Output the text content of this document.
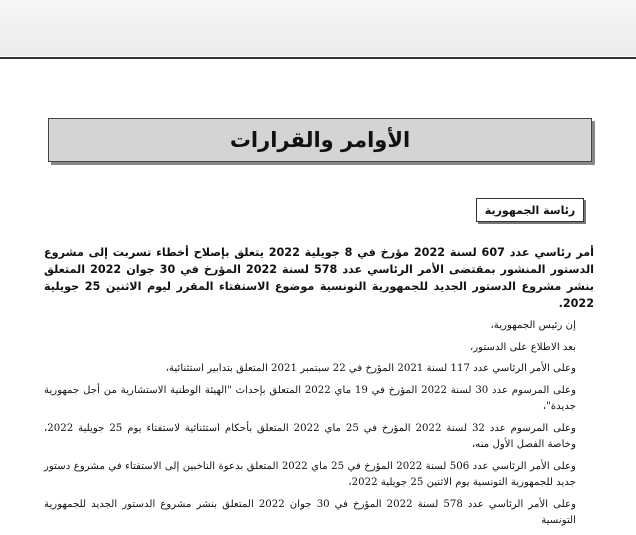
الأوامر والقرارات
رئاسة الجمهورية

أمر رئاسي عدد 607 لسنة 2022 مؤرخ في 8 جويلية 2022 يتعلق بإصلاح أخطاء تسربت إلى مشروع الدستور المنشور بمقتضى الأمر الرئاسي عدد 578 لسنة 2022 المؤرخ في 30 جوان 2022 المتعلق بنشر مشروع الدستور الجديد للجمهورية التونسية موضوع الاستفتاء المقرر ليوم الاثنين 25 جويلية 2022.

إن رئيس الجمهورية،

بعد الاطلاع على الدستور،

وعلى الأمر الرئاسي عدد 117 لسنة 2021 المؤرخ في 22 سبتمبر 2021 المتعلق بتدابير استثنائية،

وعلى المرسوم عدد 30 لسنة 2022 المؤرخ في 19 ماي 2022 المتعلق بإحداث "الهيئة الوطنية الاستشارية من أجل جمهورية جديدة"،

وعلى المرسوم عدد 32 لسنة 2022 المؤرخ في 25 ماي 2022 المتعلق بأحكام استثنائية لاستفتاء يوم 25 جويلية 2022، وخاصة الفصل الأول منه،

وعلى الأمر الرئاسي عدد 506 لسنة 2022 المؤرخ في 25 ماي 2022 المتعلق بدعوة الناخبين إلى الاستفتاء في مشروع دستور جديد للجمهورية التونسية يوم الاثنين 25 جويلية 2022،

وعلى الأمر الرئاسي عدد 578 لسنة 2022 المؤرخ في 30 جوان 2022 المتعلق بنشر مشروع الدستور الجديد للجمهورية التونسية
